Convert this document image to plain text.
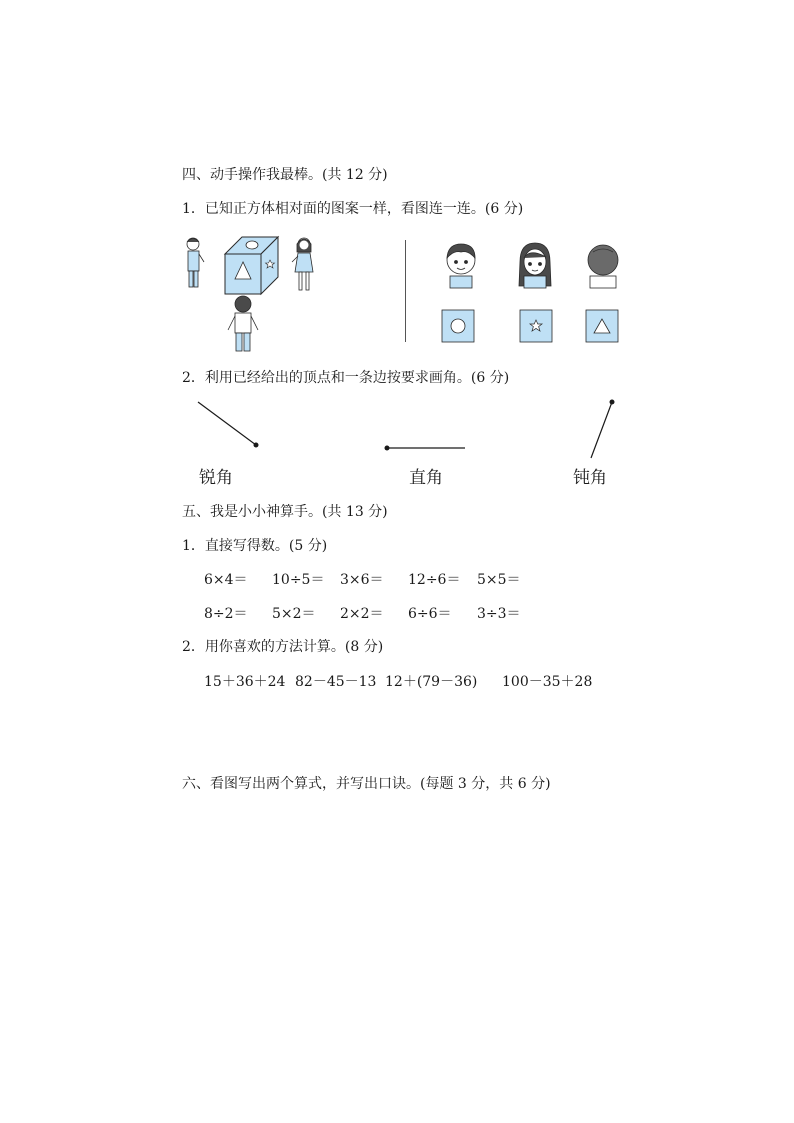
四、动手操作我最棒。(共 12 分)
1．已知正方体相对面的图案一样，看图连一连。(6 分)
2．利用已经给出的顶点和一条边按要求画角。(6 分)
锐角	直角	钝角
五、我是小小神算手。(共 13 分)
1．直接写得数。(5 分)
6×4＝ 10÷5＝ 3×6＝ 12÷6＝ 5×5＝
8÷2＝ 5×2＝ 2×2＝ 6÷6＝ 3÷3＝
2．用你喜欢的方法计算。(8 分)
15＋36＋24 82－45－13 12＋(79－36) 100－35＋28
六、看图写出两个算式，并写出口诀。(每题 3 分，共 6 分)
